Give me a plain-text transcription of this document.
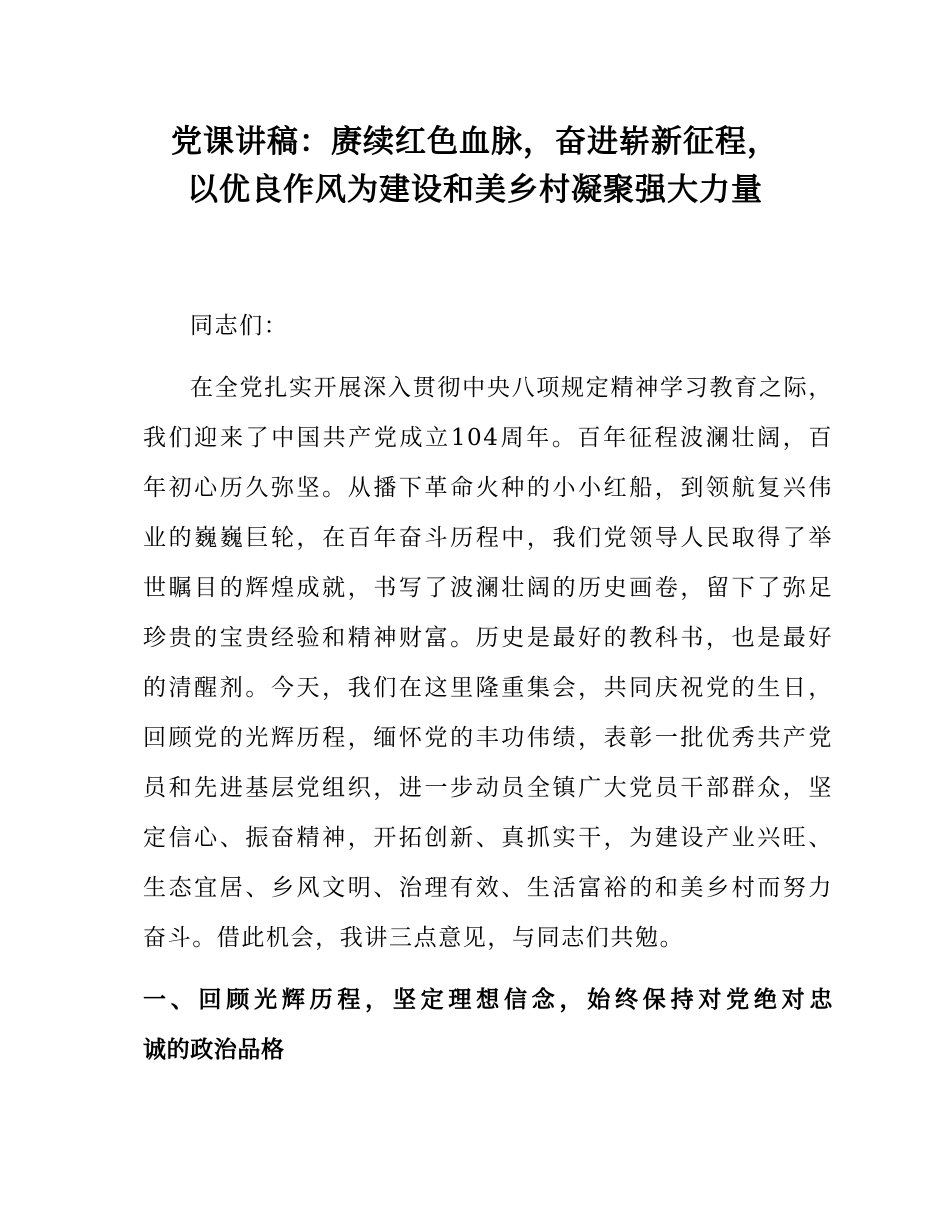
党课讲稿：赓续红色血脉，奋进崭新征程，
以优良作风为建设和美乡村凝聚强大力量
同志们：
在全党扎实开展深入贯彻中央八项规定精神学习教育之际，
我们迎来了中国共产党成立104周年。百年征程波澜壮阔，百
年初心历久弥坚。从播下革命火种的小小红船，到领航复兴伟
业的巍巍巨轮，在百年奋斗历程中，我们党领导人民取得了举
世瞩目的辉煌成就，书写了波澜壮阔的历史画卷，留下了弥足
珍贵的宝贵经验和精神财富。历史是最好的教科书，也是最好
的清醒剂。今天，我们在这里隆重集会，共同庆祝党的生日，
回顾党的光辉历程，缅怀党的丰功伟绩，表彰一批优秀共产党
员和先进基层党组织，进一步动员全镇广大党员干部群众，坚
定信心、振奋精神，开拓创新、真抓实干，为建设产业兴旺、
生态宜居、乡风文明、治理有效、生活富裕的和美乡村而努力
奋斗。借此机会，我讲三点意见，与同志们共勉。
一、回顾光辉历程，坚定理想信念，始终保持对党绝对忠
诚的政治品格
